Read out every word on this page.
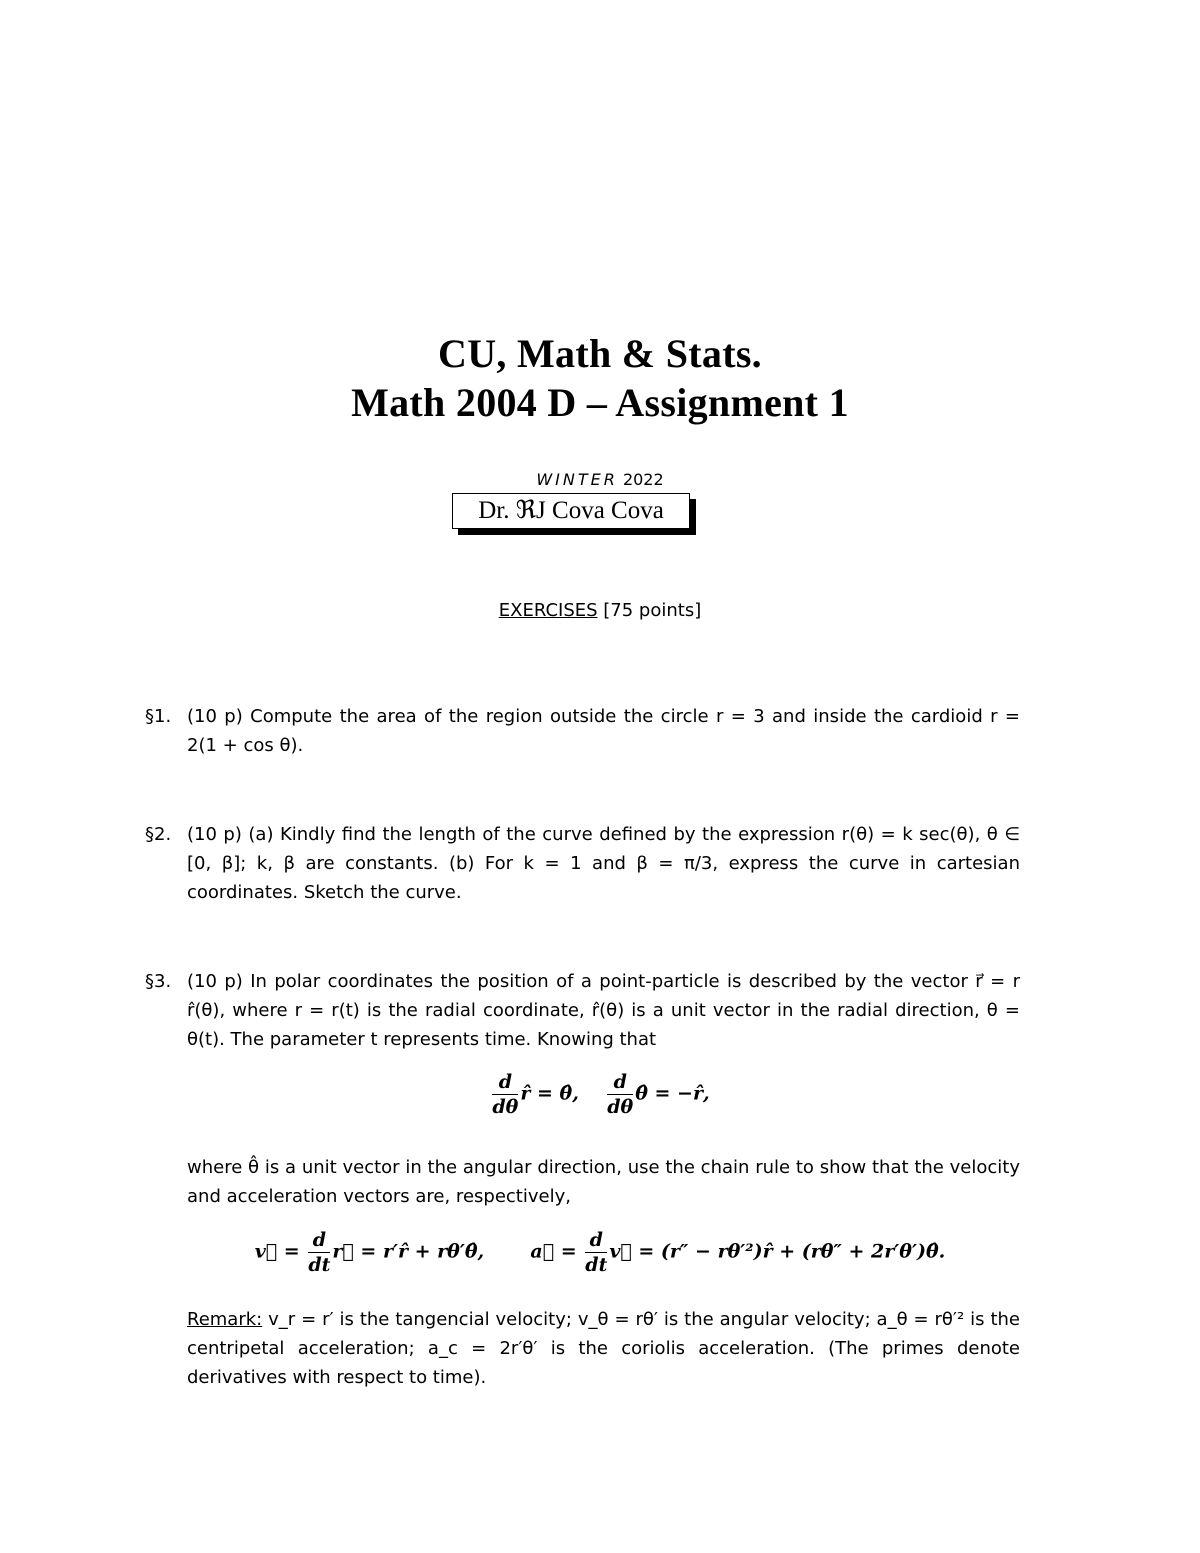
CU, Math & Stats.
Math 2004 D – Assignment 1
WINTER 2022
Dr. ℜJ Cova Cova
EXERCISES [75 points]
§1. (10 p) Compute the area of the region outside the circle r = 3 and inside the cardioid r = 2(1 + cos θ).
§2. (10 p) (a) Kindly find the length of the curve defined by the expression r(θ) = k sec(θ), θ ∈ [0, β]; k, β are constants. (b) For k = 1 and β = π/3, express the curve in cartesian coordinates. Sketch the curve.
§3. (10 p) In polar coordinates the position of a point-particle is described by the vector r⃗ = r r̂(θ), where r = r(t) is the radial coordinate, r̂(θ) is a unit vector in the radial direction, θ = θ(t). The parameter t represents time. Knowing that
$\frac{d}{d\theta}$ r̂ = θ̂, $\frac{d}{d\theta}$ θ̂ = −r̂,
where θ̂ is a unit vector in the angular direction, use the chain rule to show that the velocity and acceleration vectors are, respectively,
v⃗ = $\frac{d}{dt}$ r⃗ = r′r̂ + rθ′θ̂,       a⃗ = $\frac{d}{dt}$ v⃗ = (r″ − rθ′²)r̂ + (rθ″ + 2r′θ′)θ̂.
Remark: v_r = r′ is the tangencial velocity; v_θ = rθ′ is the angular velocity; a_θ = rθ′² is the centripetal acceleration; a_c = 2r′θ′ is the coriolis acceleration. (The primes denote derivatives with respect to time).
